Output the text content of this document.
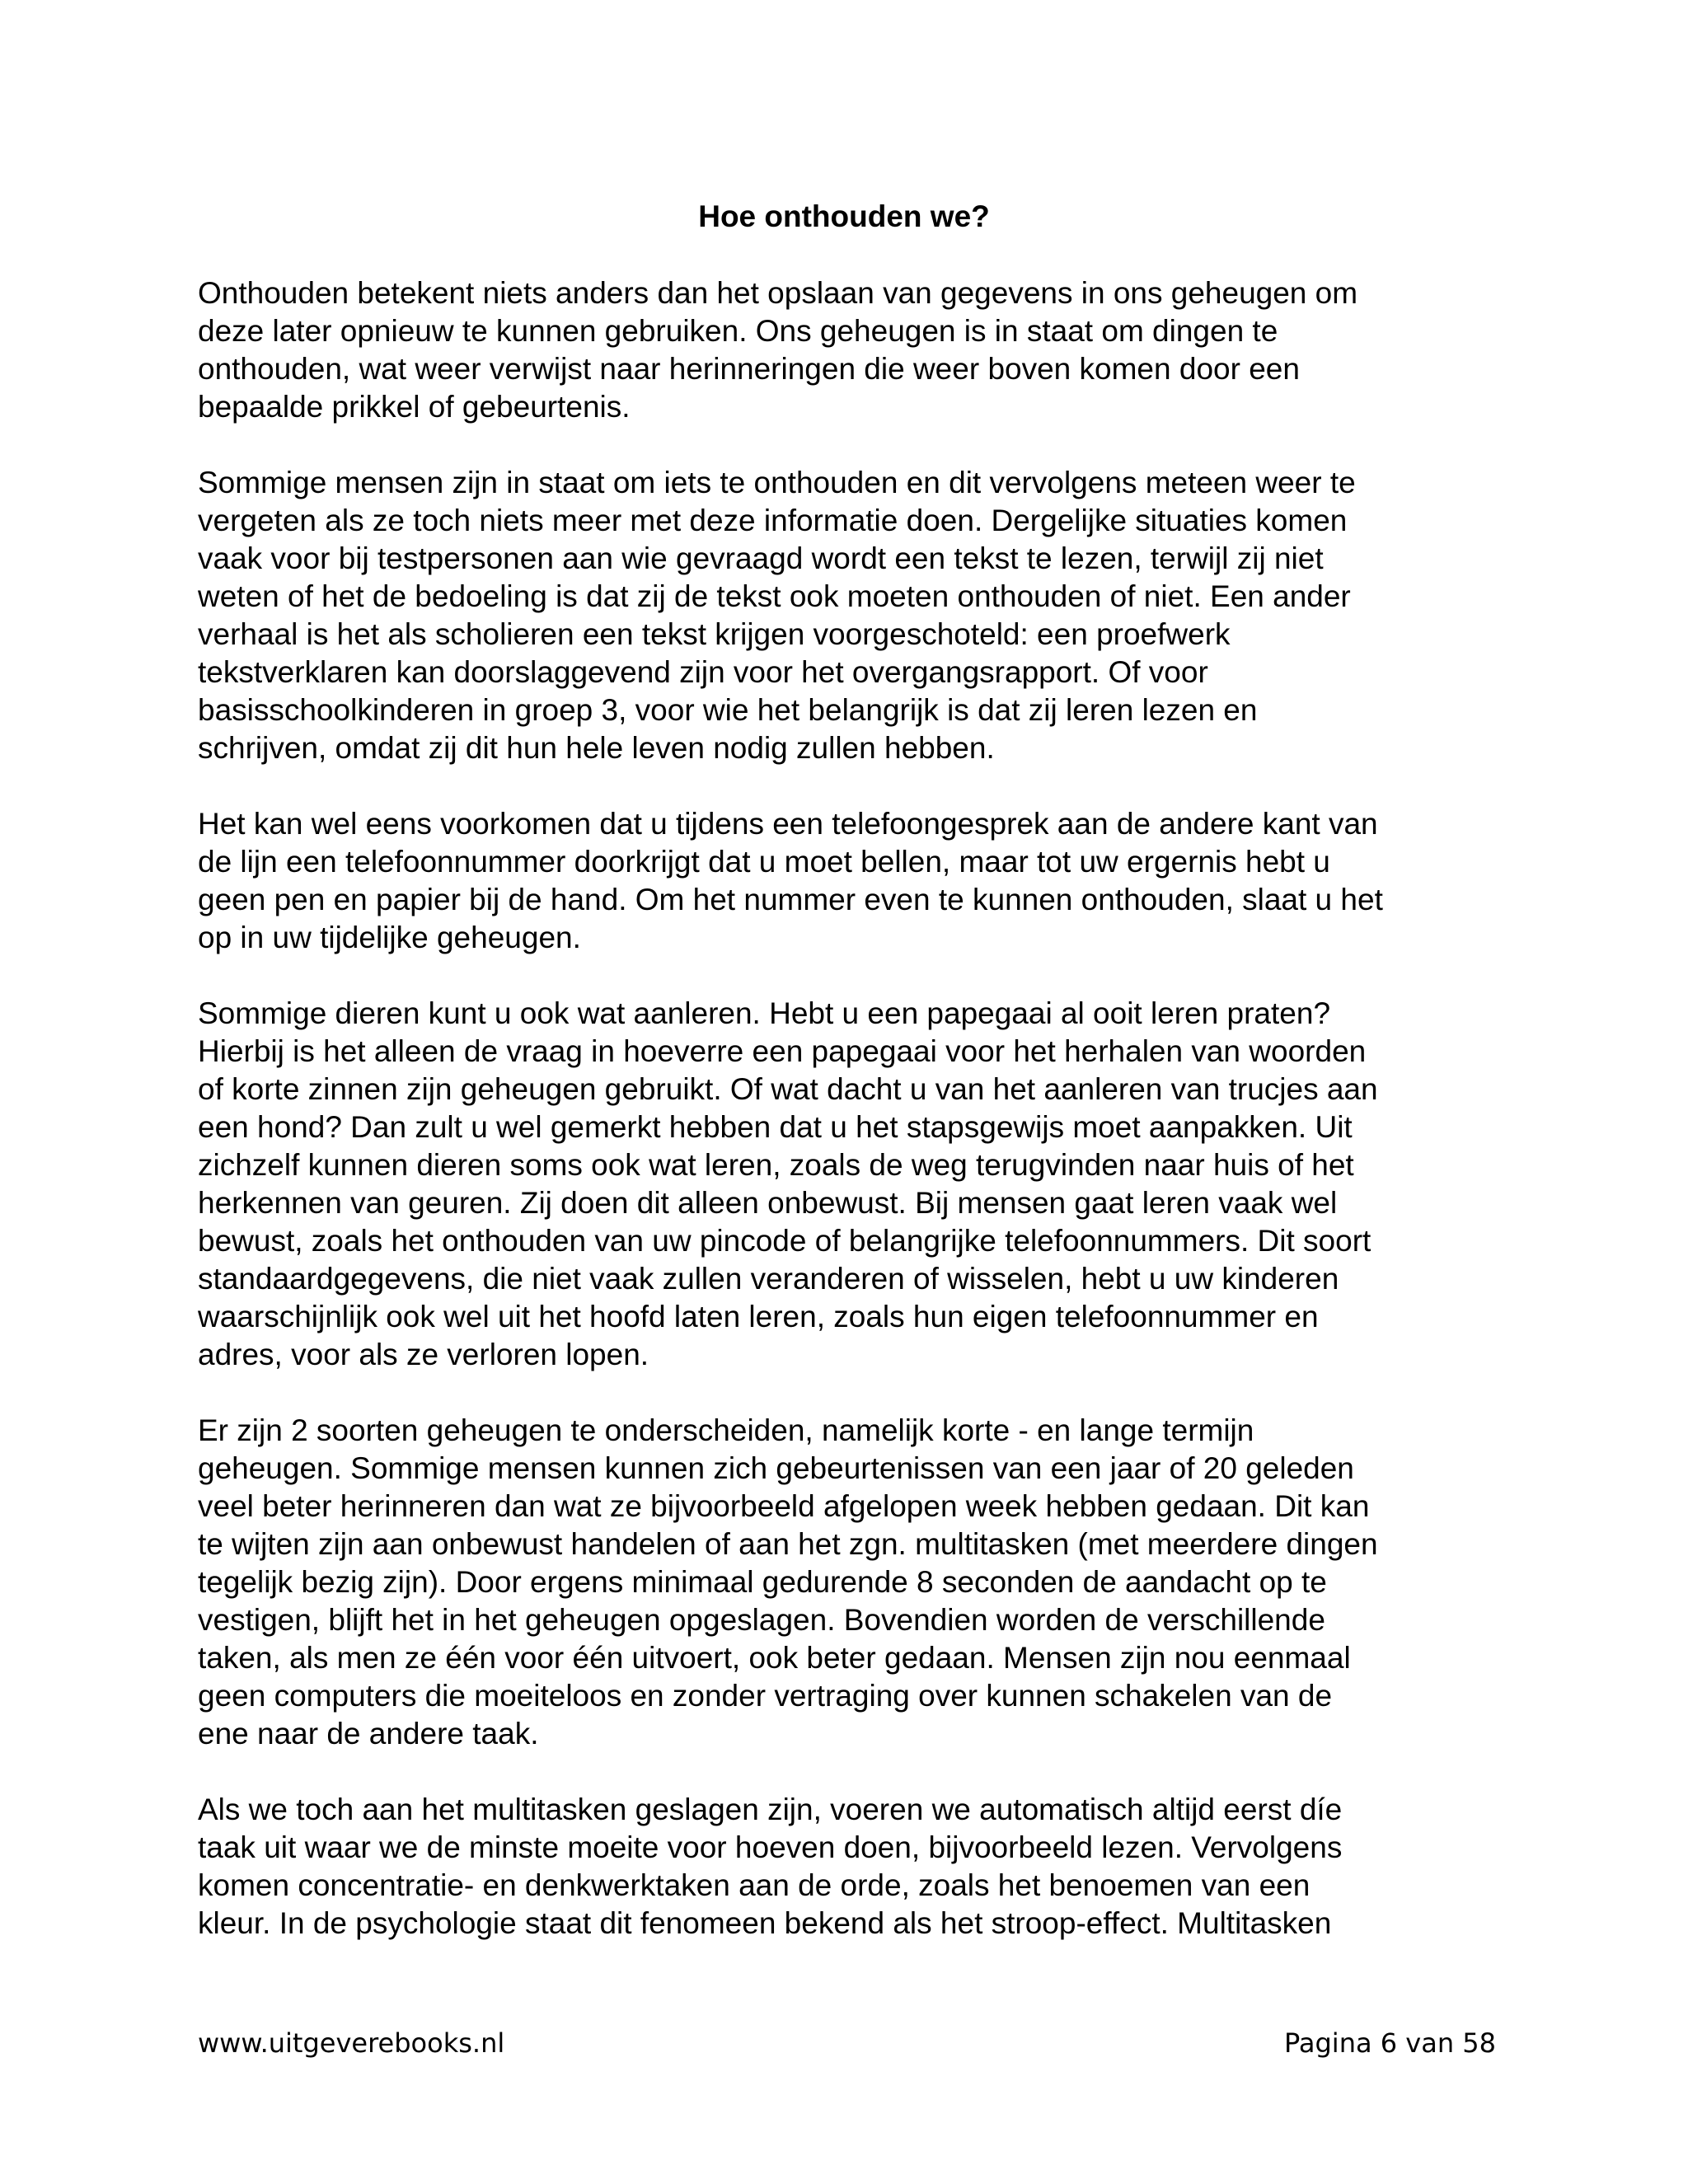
Hoe onthouden we?

Onthouden betekent niets anders dan het opslaan van gegevens in ons geheugen om
deze later opnieuw te kunnen gebruiken. Ons geheugen is in staat om dingen te
onthouden, wat weer verwijst naar herinneringen die weer boven komen door een
bepaalde prikkel of gebeurtenis.

Sommige mensen zijn in staat om iets te onthouden en dit vervolgens meteen weer te
vergeten als ze toch niets meer met deze informatie doen. Dergelijke situaties komen
vaak voor bij testpersonen aan wie gevraagd wordt een tekst te lezen, terwijl zij niet
weten of het de bedoeling is dat zij de tekst ook moeten onthouden of niet. Een ander
verhaal is het als scholieren een tekst krijgen voorgeschoteld: een proefwerk
tekstverklaren kan doorslaggevend zijn voor het overgangsrapport. Of voor
basisschoolkinderen in groep 3, voor wie het belangrijk is dat zij leren lezen en
schrijven, omdat zij dit hun hele leven nodig zullen hebben.

Het kan wel eens voorkomen dat u tijdens een telefoongesprek aan de andere kant van
de lijn een telefoonnummer doorkrijgt dat u moet bellen, maar tot uw ergernis hebt u
geen pen en papier bij de hand. Om het nummer even te kunnen onthouden, slaat u het
op in uw tijdelijke geheugen.

Sommige dieren kunt u ook wat aanleren. Hebt u een papegaai al ooit leren praten?
Hierbij is het alleen de vraag in hoeverre een papegaai voor het herhalen van woorden
of korte zinnen zijn geheugen gebruikt. Of wat dacht u van het aanleren van trucjes aan
een hond? Dan zult u wel gemerkt hebben dat u het stapsgewijs moet aanpakken. Uit
zichzelf kunnen dieren soms ook wat leren, zoals de weg terugvinden naar huis of het
herkennen van geuren. Zij doen dit alleen onbewust. Bij mensen gaat leren vaak wel
bewust, zoals het onthouden van uw pincode of belangrijke telefoonnummers. Dit soort
standaardgegevens, die niet vaak zullen veranderen of wisselen, hebt u uw kinderen
waarschijnlijk ook wel uit het hoofd laten leren, zoals hun eigen telefoonnummer en
adres, voor als ze verloren lopen.

Er zijn 2 soorten geheugen te onderscheiden, namelijk korte - en lange termijn
geheugen. Sommige mensen kunnen zich gebeurtenissen van een jaar of 20 geleden
veel beter herinneren dan wat ze bijvoorbeeld afgelopen week hebben gedaan. Dit kan
te wijten zijn aan onbewust handelen of aan het zgn. multitasken (met meerdere dingen
tegelijk bezig zijn). Door ergens minimaal gedurende 8 seconden de aandacht op te
vestigen, blijft het in het geheugen opgeslagen. Bovendien worden de verschillende
taken, als men ze één voor één uitvoert, ook beter gedaan. Mensen zijn nou eenmaal
geen computers die moeiteloos en zonder vertraging over kunnen schakelen van de
ene naar de andere taak.

Als we toch aan het multitasken geslagen zijn, voeren we automatisch altijd eerst díe
taak uit waar we de minste moeite voor hoeven doen, bijvoorbeeld lezen. Vervolgens
komen concentratie- en denkwerktaken aan de orde, zoals het benoemen van een
kleur. In de psychologie staat dit fenomeen bekend als het stroop-effect. Multitasken

www.uitgeverebooks.nl	Pagina 6 van 58
